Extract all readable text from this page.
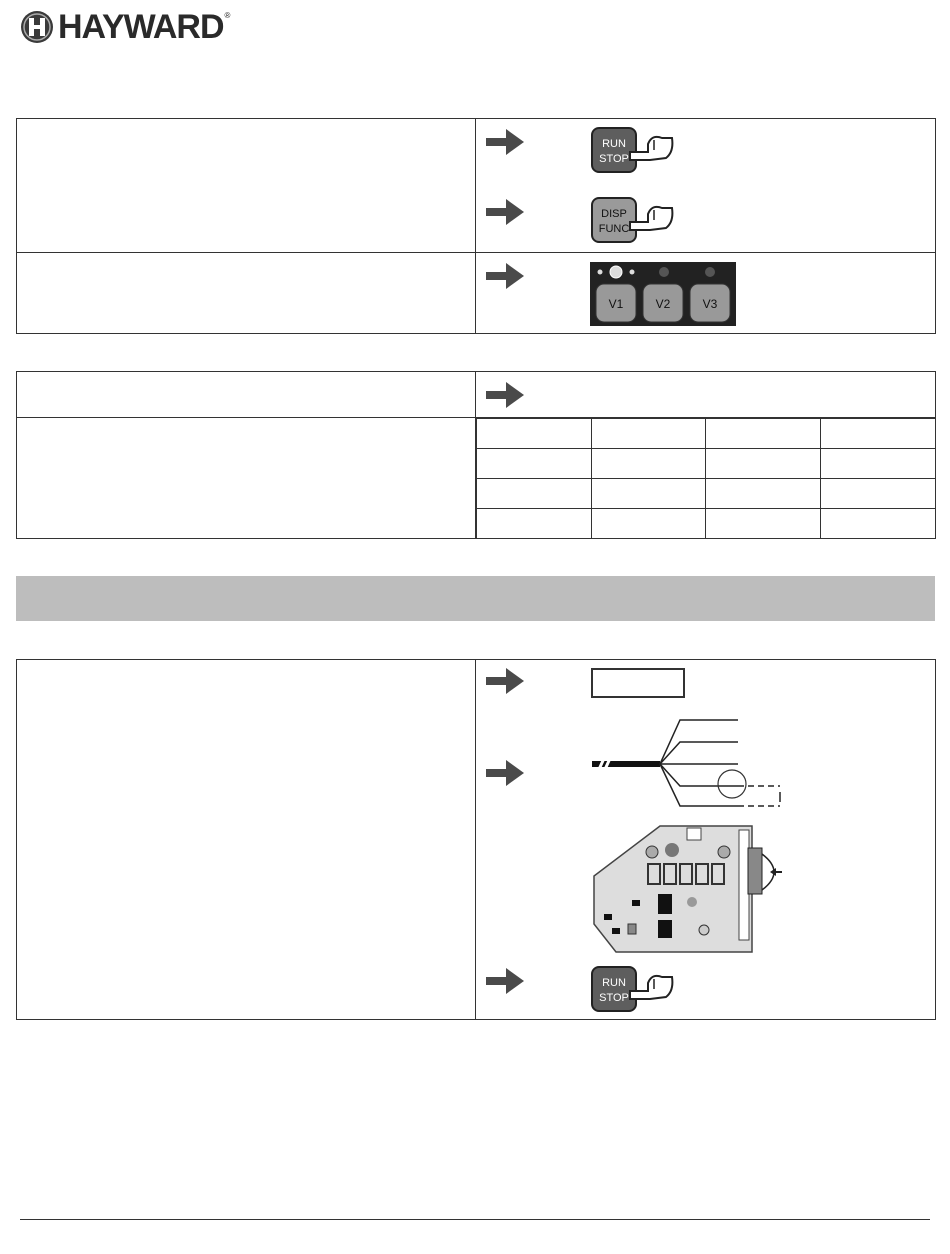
HAYWARD ®

RUN
STOP
DISP
FUNC

V1 V2 V3

RUN
STOP
